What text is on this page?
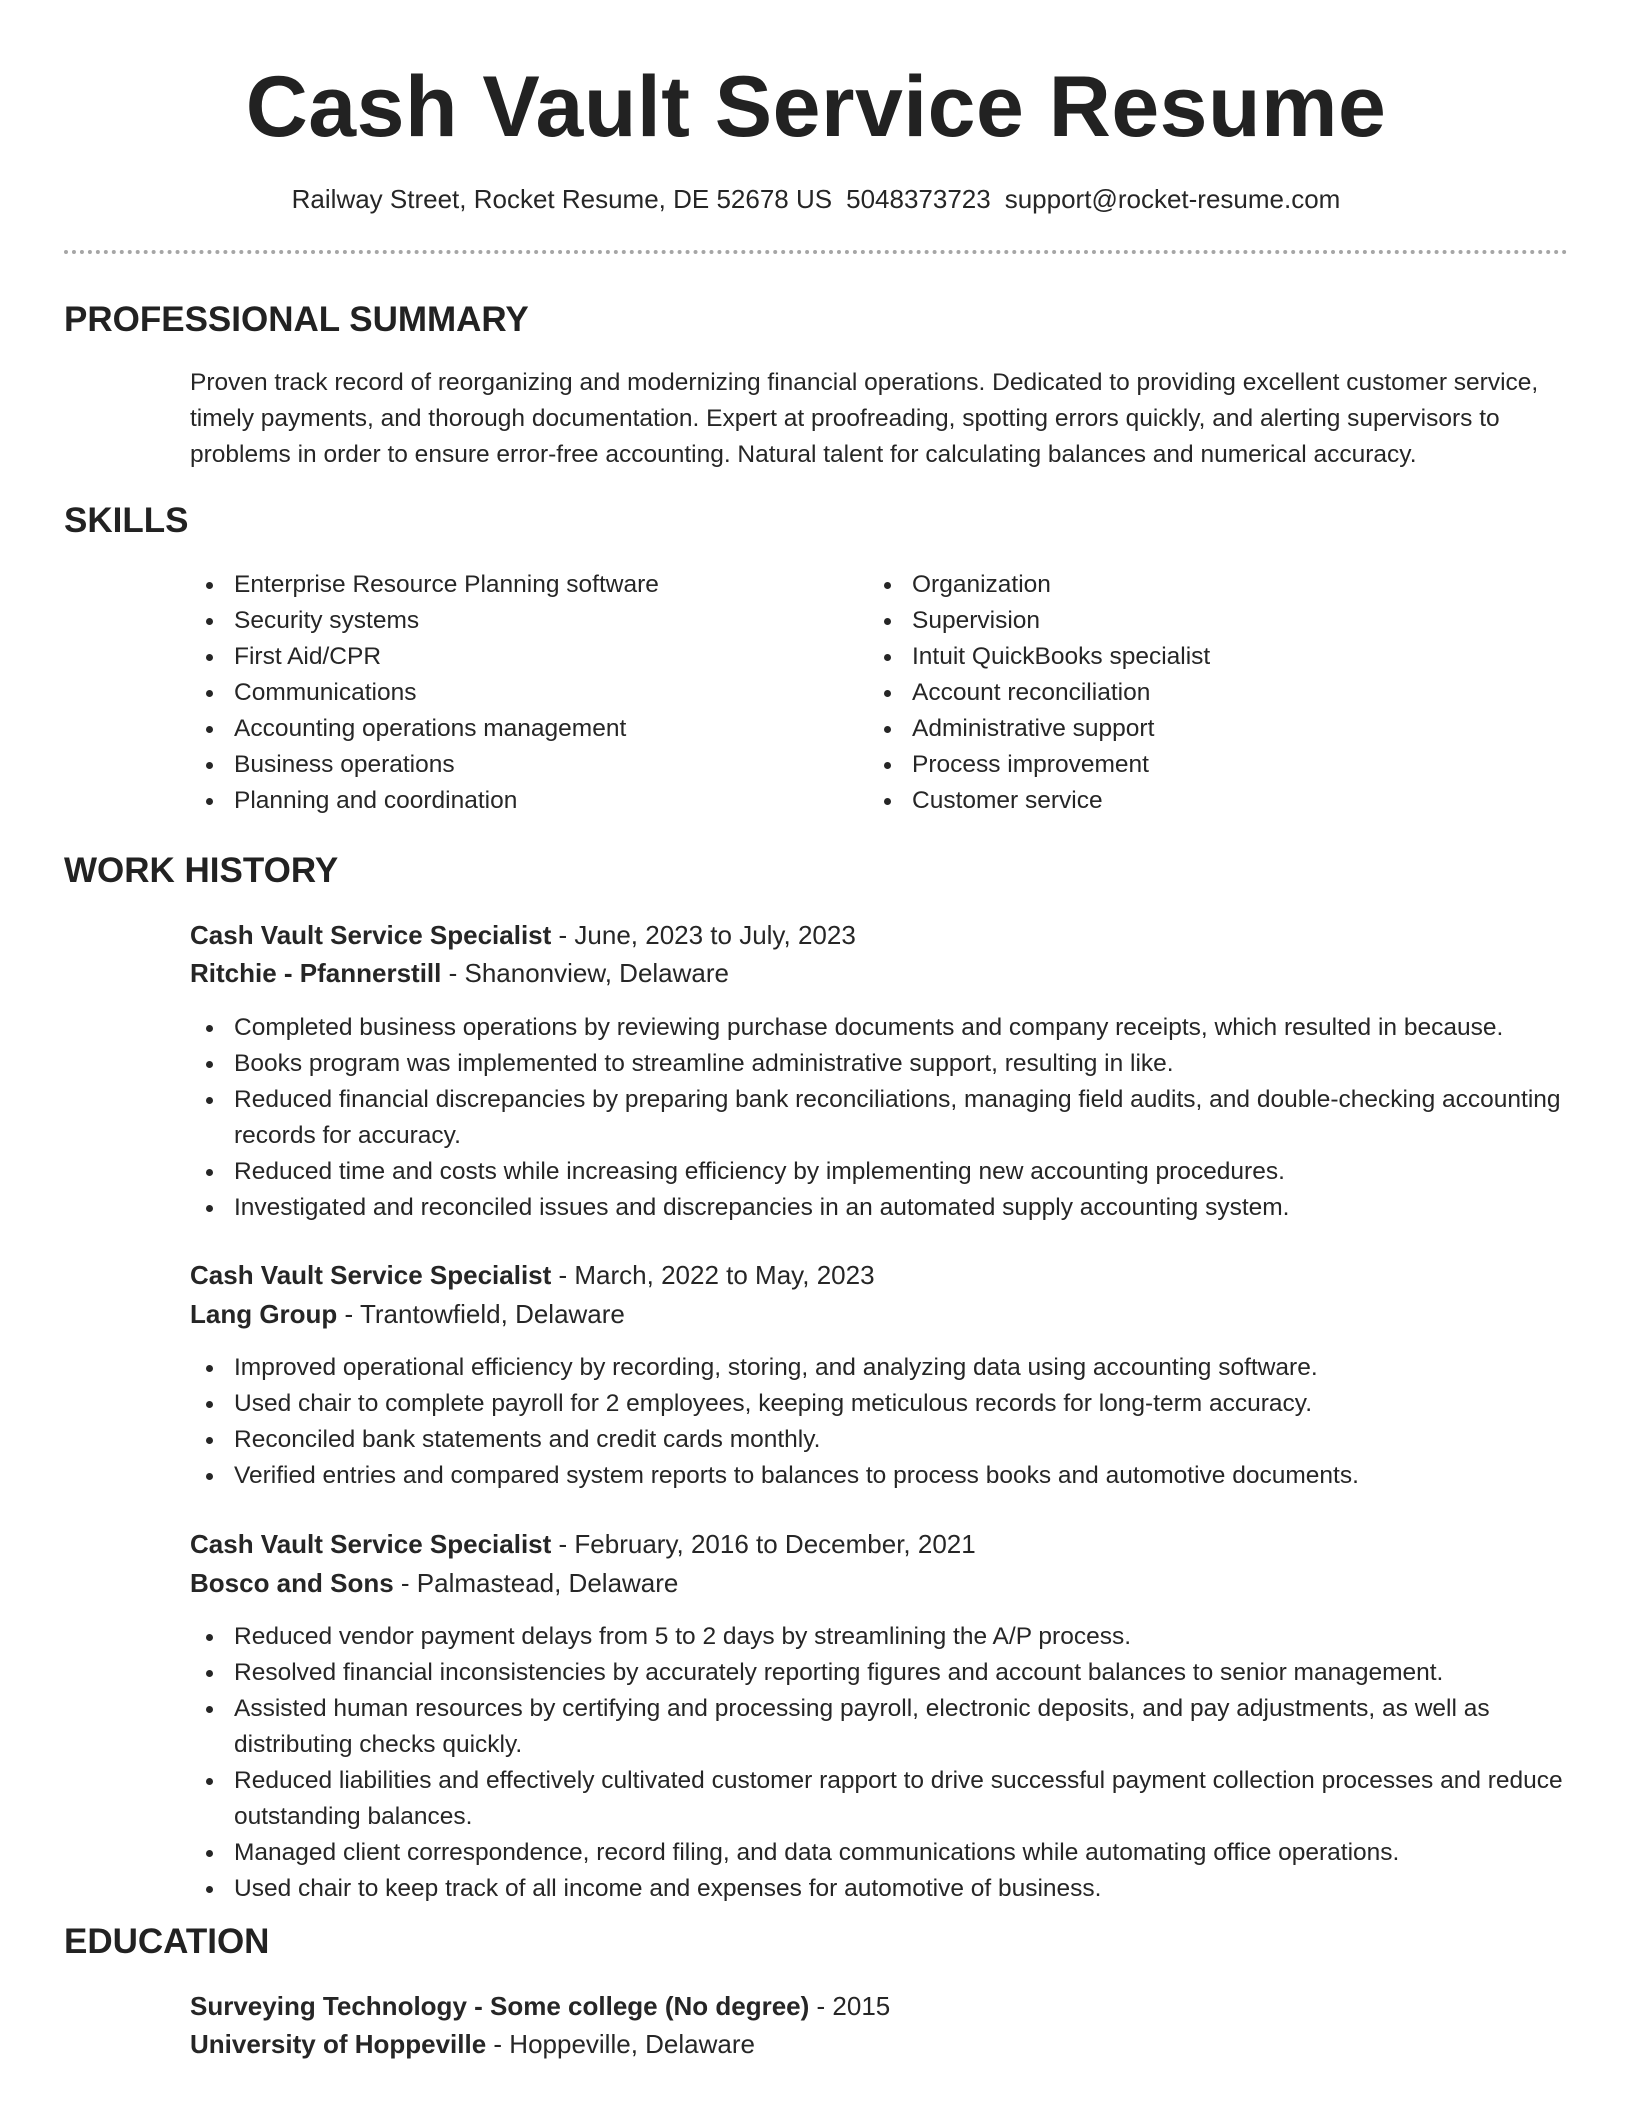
Cash Vault Service Resume
Railway Street, Rocket Resume, DE 52678 US 5048373723 support@rocket-resume.com
PROFESSIONAL SUMMARY
Proven track record of reorganizing and modernizing financial operations. Dedicated to providing excellent customer service, timely payments, and thorough documentation. Expert at proofreading, spotting errors quickly, and alerting supervisors to problems in order to ensure error-free accounting. Natural talent for calculating balances and numerical accuracy.
SKILLS
Enterprise Resource Planning software
Security systems
First Aid/CPR
Communications
Accounting operations management
Business operations
Planning and coordination
Organization
Supervision
Intuit QuickBooks specialist
Account reconciliation
Administrative support
Process improvement
Customer service
WORK HISTORY
Cash Vault Service Specialist - June, 2023 to July, 2023
Ritchie - Pfannerstill - Shanonview, Delaware
Completed business operations by reviewing purchase documents and company receipts, which resulted in because.
Books program was implemented to streamline administrative support, resulting in like.
Reduced financial discrepancies by preparing bank reconciliations, managing field audits, and double-checking accounting records for accuracy.
Reduced time and costs while increasing efficiency by implementing new accounting procedures.
Investigated and reconciled issues and discrepancies in an automated supply accounting system.
Cash Vault Service Specialist - March, 2022 to May, 2023
Lang Group - Trantowfield, Delaware
Improved operational efficiency by recording, storing, and analyzing data using accounting software.
Used chair to complete payroll for 2 employees, keeping meticulous records for long-term accuracy.
Reconciled bank statements and credit cards monthly.
Verified entries and compared system reports to balances to process books and automotive documents.
Cash Vault Service Specialist - February, 2016 to December, 2021
Bosco and Sons - Palmastead, Delaware
Reduced vendor payment delays from 5 to 2 days by streamlining the A/P process.
Resolved financial inconsistencies by accurately reporting figures and account balances to senior management.
Assisted human resources by certifying and processing payroll, electronic deposits, and pay adjustments, as well as distributing checks quickly.
Reduced liabilities and effectively cultivated customer rapport to drive successful payment collection processes and reduce outstanding balances.
Managed client correspondence, record filing, and data communications while automating office operations.
Used chair to keep track of all income and expenses for automotive of business.
EDUCATION
Surveying Technology - Some college (No degree) - 2015
University of Hoppeville - Hoppeville, Delaware
